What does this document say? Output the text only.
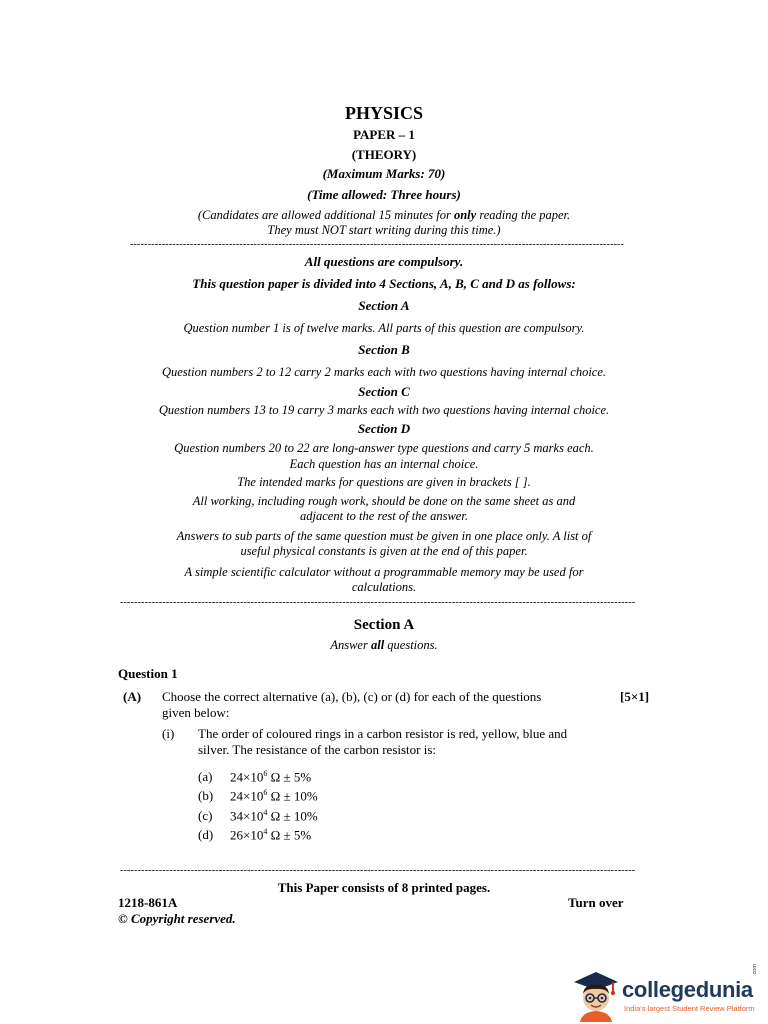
PHYSICS
PAPER – 1
(THEORY)
(Maximum Marks: 70)
(Time allowed: Three hours)
(Candidates are allowed additional 15 minutes for only reading the paper.
They must NOT start writing during this time.)
--------------------------------------------------------------------------------------------------------------------------------------------
All questions are compulsory.
This question paper is divided into 4 Sections, A, B, C and D as follows:
Section A
Question number 1 is of twelve marks. All parts of this question are compulsory.
Section B
Question numbers 2 to 12 carry 2 marks each with two questions having internal choice.
Section C
Question numbers 13 to 19 carry 3 marks each with two questions having internal choice.
Section D
Question numbers 20 to 22 are long-answer type questions and carry 5 marks each.
Each question has an internal choice.
The intended marks for questions are given in brackets [ ].
All working, including rough work, should be done on the same sheet as and
adjacent to the rest of the answer.
Answers to sub parts of the same question must be given in one place only. A list of
useful physical constants is given at the end of this paper.
A simple scientific calculator without a programmable memory may be used for
calculations.
--------------------------------------------------------------------------------------------------------------------------------------------------
Section A
Answer all questions.
Question 1
(A) Choose the correct alternative (a), (b), (c) or (d) for each of the questions
given below:
[5×1]
(i) The order of coloured rings in a carbon resistor is red, yellow, blue and
silver. The resistance of the carbon resistor is:
(a) $24\times 10^6$ Ω ± 5%
(b) $24\times 10^6$ Ω ± 10%
(c) $34\times 10^4$ Ω ± 10%
(d) $26\times 10^4$ Ω ± 5%
--------------------------------------------------------------------------------------------------------------------------------------------------
This Paper consists of 8 printed pages.
1218-861A	Turn over
© Copyright reserved.
collegedunia
.com
India's largest Student Review Platform
